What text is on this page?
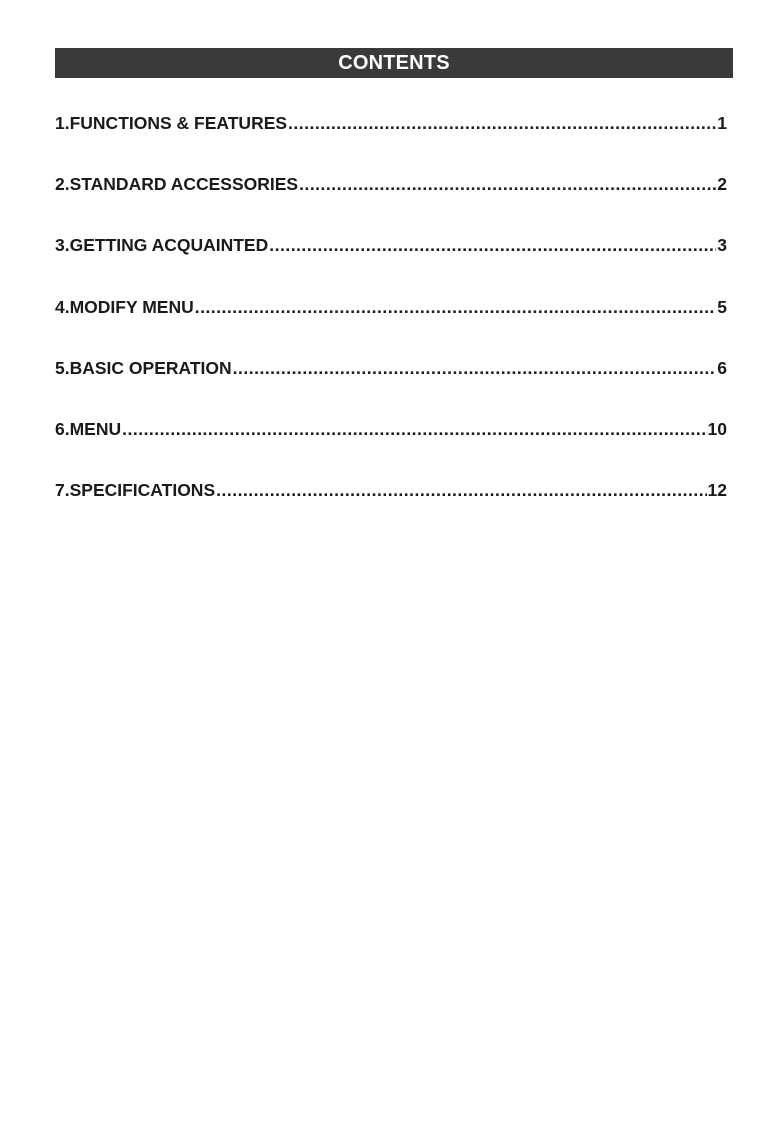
CONTENTS
1.FUNCTIONS & FEATURES .....	1
2.STANDARD ACCESSORIES .....	2
3.GETTING ACQUAINTED .....	3
4.MODIFY MENU .....	5
5.BASIC OPERATION .....	6
6.MENU .....	10
7.SPECIFICATIONS .....	12
